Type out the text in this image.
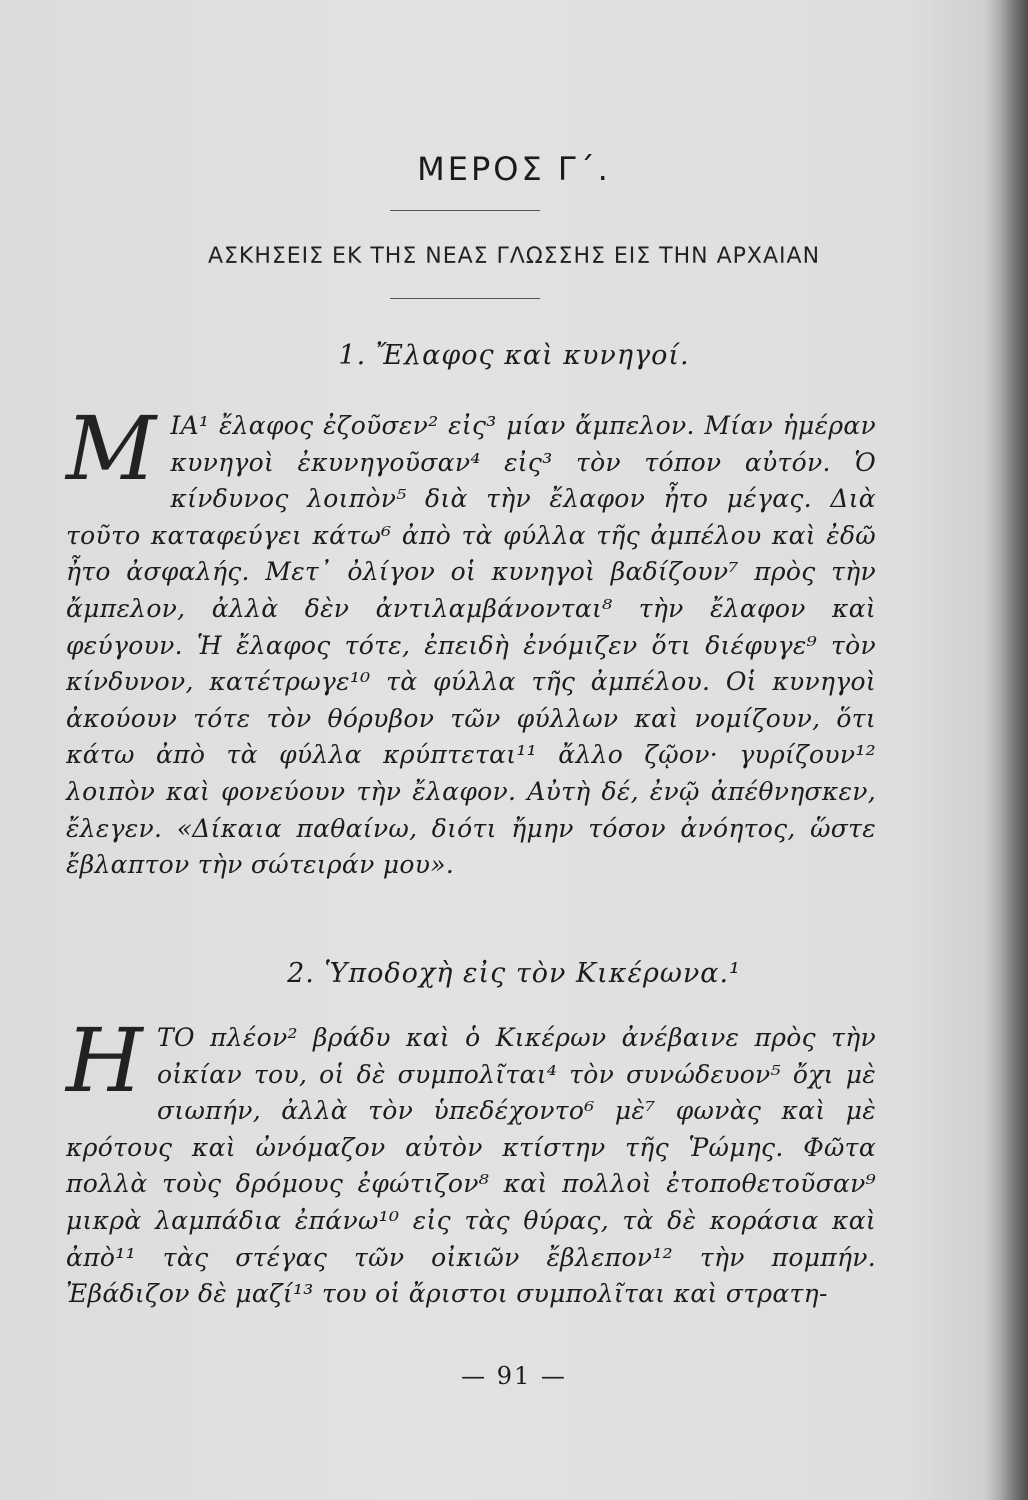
ΜΕΡΟΣ Γ΄.
ΑΣΚΗΣΕΙΣ ΕΚ ΤΗΣ ΝΕΑΣ ΓΛΩΣΣΗΣ ΕΙΣ ΤΗΝ ΑΡΧΑΙΑΝ
1. Ἔλαφος καὶ κυνηγοί.
Μ ΙΑ¹ ἔλαφος ἐζοῦσεν² εἰς³ μίαν ἄμπελον. Μίαν ἡμέραν κυνηγοὶ ἐκυνηγοῦσαν⁴ εἰς³ τὸν τόπον αὐτόν. Ὁ κίνδυνος λοιπὸν⁵ διὰ τὴν ἔλαφον ἦτο μέγας. Διὰ τοῦτο καταφεύγει κάτω⁶ ἀπὸ τὰ φύλλα τῆς ἀμπέλου καὶ ἐδῶ ἦτο ἀσφαλής. Μετ᾽ ὀλίγον οἱ κυνηγοὶ βαδίζουν⁷ πρὸς τὴν ἄμπελον, ἀλλὰ δὲν ἀντιλαμβάνονται⁸ τὴν ἔλαφον καὶ φεύγουν. Ἡ ἔλαφος τότε, ἐπειδὴ ἐνόμιζεν ὅτι διέφυγε⁹ τὸν κίνδυνον, κατέτρωγε¹⁰ τὰ φύλλα τῆς ἀμπέλου. Οἱ κυνηγοὶ ἀκούουν τότε τὸν θόρυβον τῶν φύλλων καὶ νομίζουν, ὅτι κάτω ἀπὸ τὰ φύλλα κρύπτεται¹¹ ἄλλο ζῷον· γυρίζουν¹² λοιπὸν καὶ φονεύουν τὴν ἔλαφον. Αὐτὴ δέ, ἐνῷ ἀπέθνησκεν, ἔλεγεν. «Δίκαια παθαίνω, διότι ἤμην τόσον ἀνόητος, ὥστε ἔβλαπτον τὴν σώτειράν μου».
2. Ὑποδοχὴ εἰς τὸν Κικέρωνα.¹
Η ΤΟ πλέον² βράδυ καὶ ὁ Κικέρων ἀνέβαινε πρὸς τὴν οἰκίαν του, οἱ δὲ συμπολῖται⁴ τὸν συνώδευον⁵ ὄχι μὲ σιωπήν, ἀλλὰ τὸν ὑπεδέχοντο⁶ μὲ⁷ φωνὰς καὶ μὲ κρότους καὶ ὠνόμαζον αὐτὸν κτίστην τῆς Ῥώμης. Φῶτα πολλὰ τοὺς δρόμους ἐφώτιζον⁸ καὶ πολλοὶ ἐτοποθετοῦσαν⁹ μικρὰ λαμπάδια ἐπάνω¹⁰ εἰς τὰς θύρας, τὰ δὲ κοράσια καὶ ἀπὸ¹¹ τὰς στέγας τῶν οἰκιῶν ἔβλεπον¹² τὴν πομπήν. Ἐβάδιζον δὲ μαζί¹³ του οἱ ἄριστοι συμπολῖται καὶ στρατη-
— 91 —
